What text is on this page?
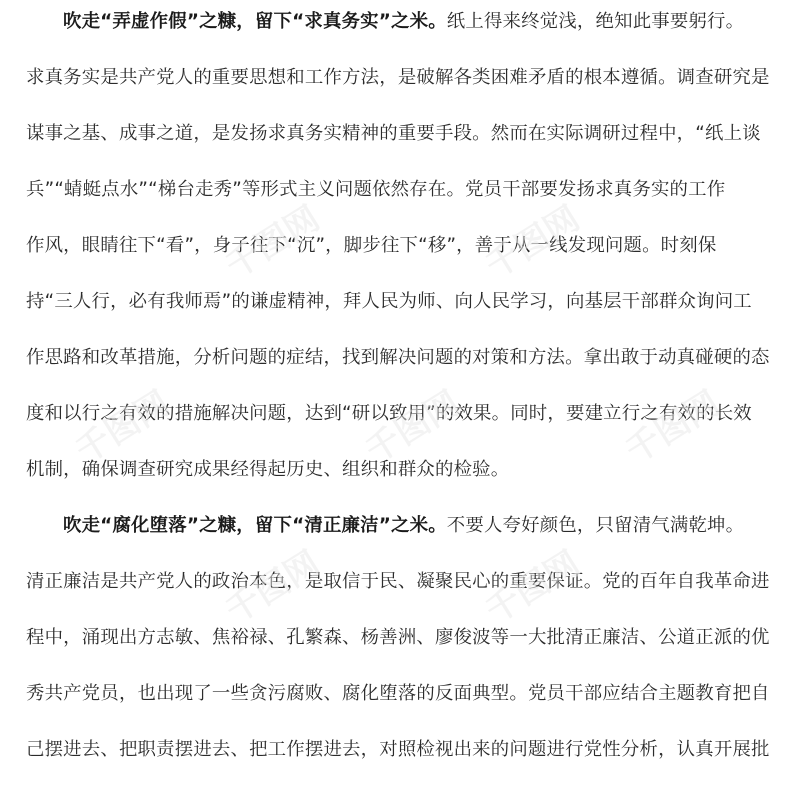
吹走“弄虚作假”之糠，留下“求真务实”之米。纸上得来终觉浅，绝知此事要躬行。
求真务实是共产党人的重要思想和工作方法，是破解各类困难矛盾的根本遵循。调查研究是
谋事之基、成事之道，是发扬求真务实精神的重要手段。然而在实际调研过程中，“纸上谈
兵”“蜻蜓点水”“梯台走秀”等形式主义问题依然存在。党员干部要发扬求真务实的工作
作风，眼睛往下“看”，身子往下“沉”，脚步往下“移”，善于从一线发现问题。时刻保
持“三人行，必有我师焉”的谦虚精神，拜人民为师、向人民学习，向基层干部群众询问工
作思路和改革措施，分析问题的症结，找到解决问题的对策和方法。拿出敢于动真碰硬的态
度和以行之有效的措施解决问题，达到“研以致用”的效果。同时，要建立行之有效的长效
机制，确保调查研究成果经得起历史、组织和群众的检验。
吹走“腐化堕落”之糠，留下“清正廉洁”之米。不要人夸好颜色，只留清气满乾坤。
清正廉洁是共产党人的政治本色，是取信于民、凝聚民心的重要保证。党的百年自我革命进
程中，涌现出方志敏、焦裕禄、孔繁森、杨善洲、廖俊波等一大批清正廉洁、公道正派的优
秀共产党员，也出现了一些贪污腐败、腐化堕落的反面典型。党员干部应结合主题教育把自
己摆进去、把职责摆进去、把工作摆进去，对照检视出来的问题进行党性分析，认真开展批
千图网	千图网
千图网	千图网	千图网
千图网	千图网
